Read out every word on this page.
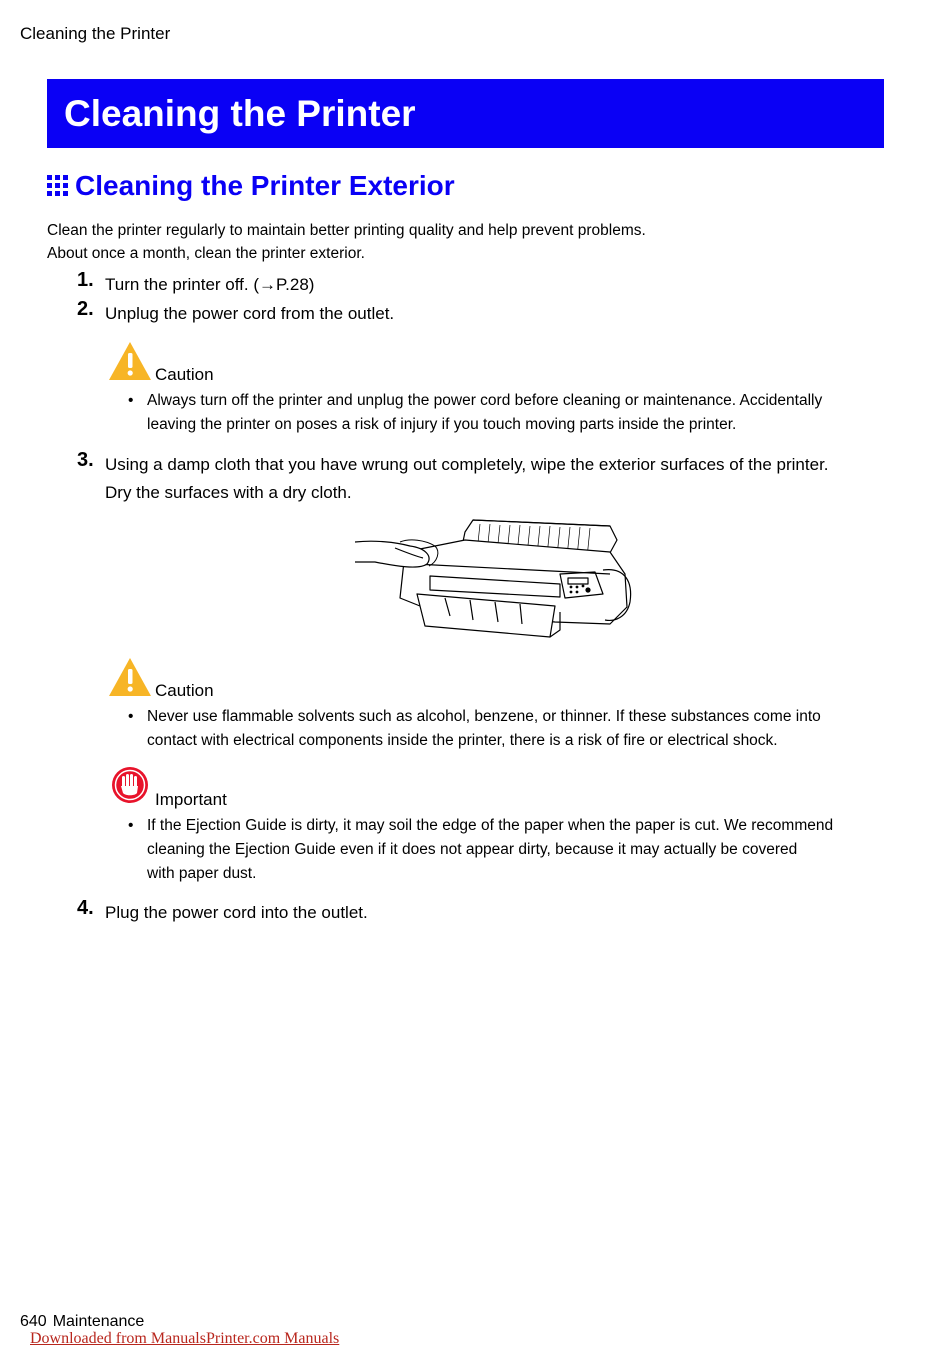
Cleaning the Printer
Cleaning the Printer
Cleaning the Printer Exterior
Clean the printer regularly to maintain better printing quality and help prevent problems.
About once a month, clean the printer exterior.
1. Turn the printer off. (→P.28)
2. Unplug the power cord from the outlet.
Caution
• Always turn off the printer and unplug the power cord before cleaning or maintenance. Accidentally
leaving the printer on poses a risk of injury if you touch moving parts inside the printer.
3. Using a damp cloth that you have wrung out completely, wipe the exterior surfaces of the printer.
Dry the surfaces with a dry cloth.
Caution
• Never use flammable solvents such as alcohol, benzene, or thinner. If these substances come into
contact with electrical components inside the printer, there is a risk of fire or electrical shock.
Important
• If the Ejection Guide is dirty, it may soil the edge of the paper when the paper is cut. We recommend
cleaning the Ejection Guide even if it does not appear dirty, because it may actually be covered
with paper dust.
4. Plug the power cord into the outlet.
640 Maintenance
Downloaded from ManualsPrinter.com Manuals
